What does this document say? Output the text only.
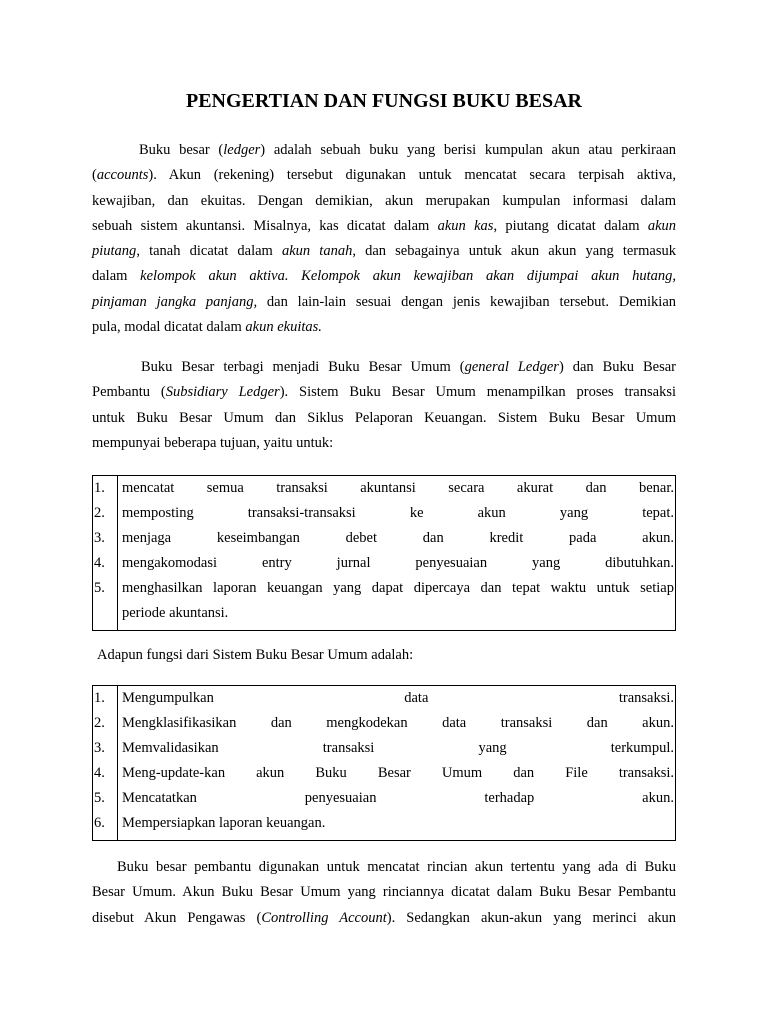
PENGERTIAN DAN FUNGSI BUKU BESAR
Buku besar (ledger) adalah sebuah buku yang berisi kumpulan akun atau perkiraan
(accounts). Akun (rekening) tersebut digunakan untuk mencatat secara terpisah aktiva,
kewajiban, dan ekuitas. Dengan demikian, akun merupakan kumpulan informasi dalam
sebuah sistem akuntansi. Misalnya, kas dicatat dalam akun kas, piutang dicatat dalam akun
piutang, tanah dicatat dalam akun tanah, dan sebagainya untuk akun akun yang termasuk
dalam kelompok akun aktiva. Kelompok akun kewajiban akan dijumpai akun hutang,
pinjaman jangka panjang, dan lain-lain sesuai dengan jenis kewajiban tersebut. Demikian
pula, modal dicatat dalam akun ekuitas.
Buku Besar terbagi menjadi Buku Besar Umum (general Ledger) dan Buku Besar
Pembantu (Subsidiary Ledger). Sistem Buku Besar Umum menampilkan proses transaksi
untuk Buku Besar Umum dan Siklus Pelaporan Keuangan. Sistem Buku Besar Umum
mempunyai beberapa tujuan, yaitu untuk:
1.	mencatat semua transaksi akuntansi secara akurat dan benar.
2.	memposting transaksi-transaksi ke akun yang tepat.
3.	menjaga keseimbangan debet dan kredit pada akun.
4.	mengakomodasi entry jurnal penyesuaian yang dibutuhkan.
5.	menghasilkan laporan keuangan yang dapat dipercaya dan tepat waktu untuk setiap
periode akuntansi.
Adapun fungsi dari Sistem Buku Besar Umum adalah:
1.	Mengumpulkan data transaksi.
2.	Mengklasifikasikan dan mengkodekan data transaksi dan akun.
3.	Memvalidasikan transaksi yang terkumpul.
4.	Meng-update-kan akun Buku Besar Umum dan File transaksi.
5.	Mencatatkan penyesuaian terhadap akun.
6.	Mempersiapkan laporan keuangan.
Buku besar pembantu digunakan untuk mencatat rincian akun tertentu yang ada di Buku
Besar Umum. Akun Buku Besar Umum yang rinciannya dicatat dalam Buku Besar Pembantu
disebut Akun Pengawas (Controlling Account). Sedangkan akun-akun yang merinci akun
